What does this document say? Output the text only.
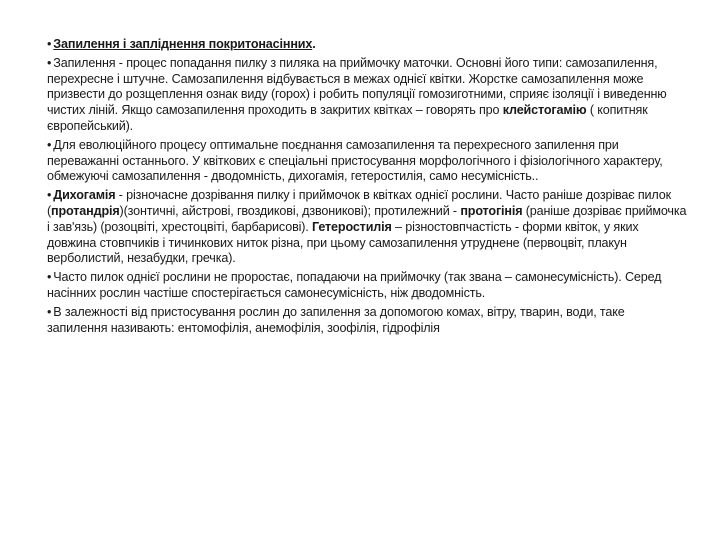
• Запилення і запліднення покритонасінних.

• Запилення - процес попадання пилку з пиляка на приймочку маточки. Основні його типи: самозапилення, перехресне і штучне. Самозапилення відбувається в межах однієї квітки. Жорстке самозапилення може призвести до розщеплення ознак виду (горох) і робить популяції гомозиготними, сприяє ізоляції і виведенню чистих ліній. Якщо самозапилення проходить в закритих квітках – говорять про клейстогамію ( копитняк європейський).

• Для еволюційного процесу оптимальне поєднання самозапилення та перехресного запилення при переважанні останнього. У квіткових є спеціальні пристосування морфологічного і фізіологічного характеру, обмежуючі самозапилення - дводомність, дихогамія, гетеростилія, само несумісність..

• Дихогамія - різночасне дозрівання пилку і приймочок в квітках однієї рослини. Часто раніше дозріває пилок (протандрія)(зонтичні, айстрові, гвоздикові, дзвоникові); протилежний - протогінія (раніше дозріває приймочка і зав'язь) (розоцвіті, хрестоцвіті, барбарисові). Гетеростилія – різностовпчастість - форми квіток, у яких довжина стовпчиків і тичинкових ниток різна, при цьому самозапилення утруднене (первоцвіт, плакун верболистий, незабудки, гречка).

• Часто пилок однієї рослини не проростає, попадаючи на приймочку (так звана – самонесумісність). Серед насінних рослин частіше спостерігається самонесумісність, ніж дводомність.

• В залежності від пристосування рослин до запилення за допомогою комах, вітру, тварин, води, таке запилення називають: ентомофілія, анемофілія, зоофілія, гідрофілія
